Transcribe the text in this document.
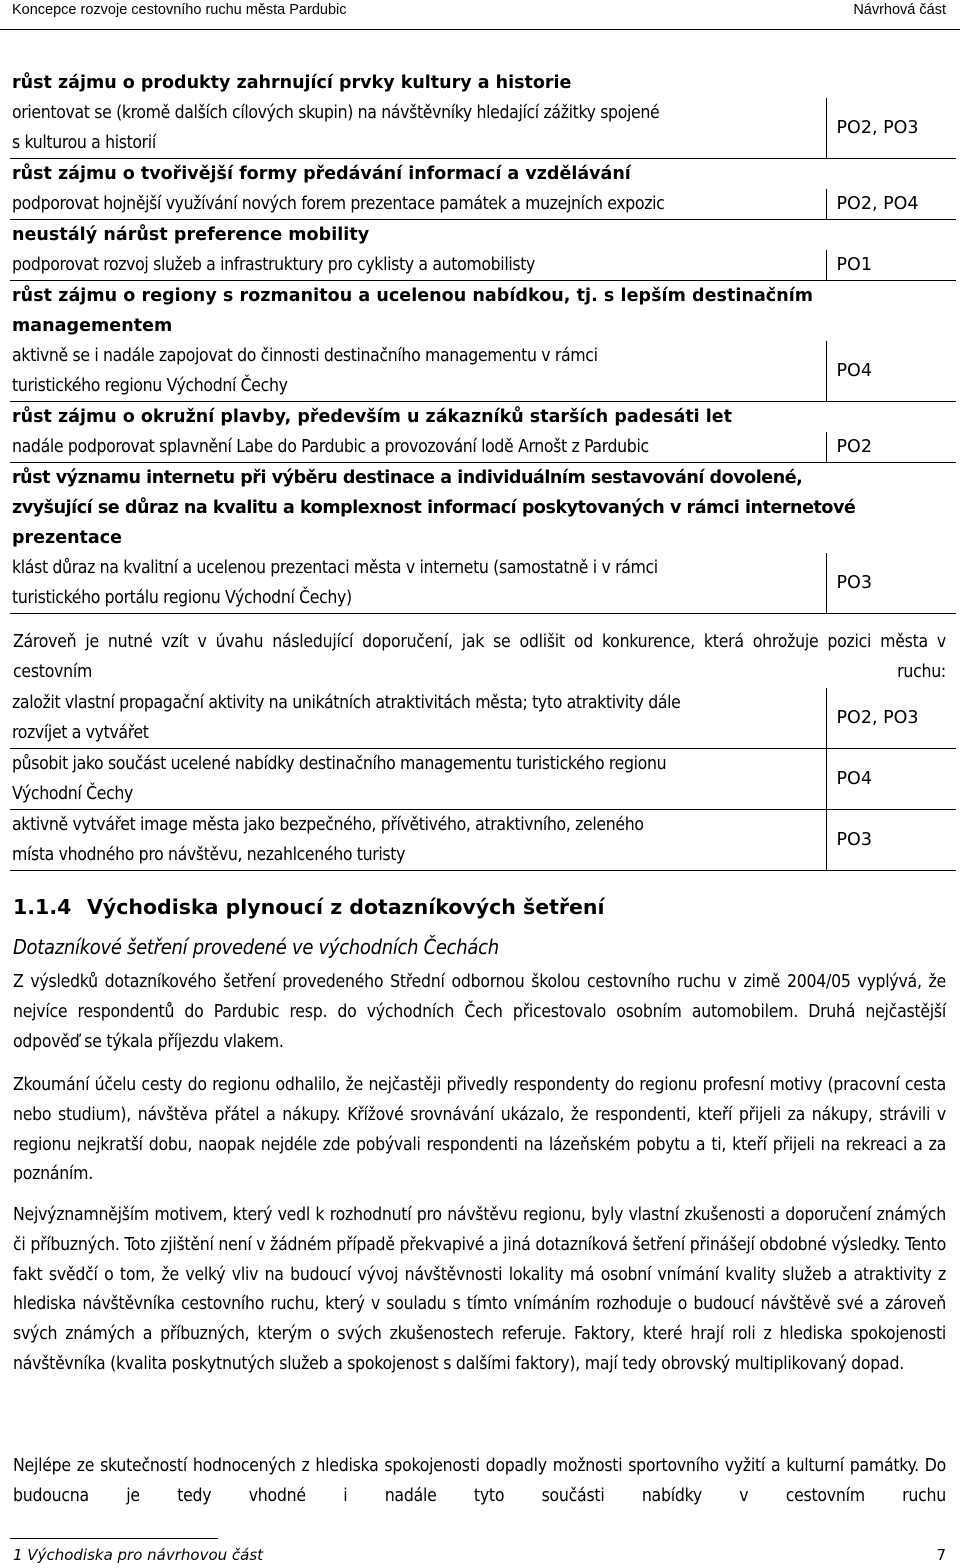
Koncepce rozvoje cestovního ruchu města Pardubic	Návrhová část
růst zájmu o produkty zahrnující prvky kultury a historie	
orientovat se (kromě dalších cílových skupin) na návštěvníky hledající zážitky spojené	PO2, PO3
s kulturou a historií	
růst zájmu o tvořivější formy předávání informací a vzdělávání	
podporovat hojnější využívání nových forem prezentace památek a muzejních expozic	PO2, PO4
neustálý nárůst preference mobility	
podporovat rozvoj služeb a infrastruktury pro cyklisty a automobilisty	PO1
růst zájmu o regiony s rozmanitou a ucelenou nabídkou, tj. s lepším destinačním	
managementem	
aktivně se i nadále zapojovat do činnosti destinačního managementu v rámci	PO4
turistického regionu Východní Čechy	
růst zájmu o okružní plavby, především u zákazníků starších padesáti let	
nadále podporovat splavnění Labe do Pardubic a provozování lodě Arnošt z Pardubic	PO2
růst významu internetu při výběru destinace a individuálním sestavování dovolené,	
zvyšující se důraz na kvalitu a komplexnost informací poskytovaných v rámci internetové	
prezentace	
klást důraz na kvalitní a ucelenou prezentaci města v internetu (samostatně i v rámci	PO3
turistického portálu regionu Východní Čechy)	
Zároveň je nutné vzít v úvahu následující doporučení, jak se odlišit od konkurence, která ohrožuje pozici města v cestovním ruchu:
založit vlastní propagační aktivity na unikátních atraktivitách města; tyto atraktivity dále	PO2, PO3
rozvíjet a vytvářet	
působit jako součást ucelené nabídky destinačního managementu turistického regionu	PO4
Východní Čechy	
aktivně vytvářet image města jako bezpečného, přívětivého, atraktivního, zeleného	PO3
místa vhodného pro návštěvu, nezahlceného turisty	
1.1.4 Východiska plynoucí z dotazníkových šetření
Dotazníkové šetření provedené ve východních Čechách
Z výsledků dotazníkového šetření provedeného Střední odbornou školou cestovního ruchu v zimě 2004/05 vyplývá, že nejvíce respondentů do Pardubic resp. do východních Čech přicestovalo osobním automobilem. Druhá nejčastější odpověď se týkala příjezdu vlakem.
Zkoumání účelu cesty do regionu odhalilo, že nejčastěji přivedly respondenty do regionu profesní motivy (pracovní cesta nebo studium), návštěva přátel a nákupy. Křížové srovnávání ukázalo, že respondenti, kteří přijeli za nákupy, strávili v regionu nejkratší dobu, naopak nejdéle zde pobývali respondenti na lázeňském pobytu a ti, kteří přijeli na rekreaci a za poznáním.
Nejvýznamnějším motivem, který vedl k rozhodnutí pro návštěvu regionu, byly vlastní zkušenosti a doporučení známých či příbuzných. Toto zjištění není v žádném případě překvapivé a jiná dotazníková šetření přinášejí obdobné výsledky. Tento fakt svědčí o tom, že velký vliv na budoucí vývoj návštěvnosti lokality má osobní vnímání kvality služeb a atraktivity z hlediska návštěvníka cestovního ruchu, který v souladu s tímto vnímáním rozhoduje o budoucí návštěvě své a zároveň svých známých a příbuzných, kterým o svých zkušenostech referuje. Faktory, které hrají roli z hlediska spokojenosti návštěvníka (kvalita poskytnutých služeb a spokojenost s dalšími faktory), mají tedy obrovský multiplikovaný dopad.
Nejlépe ze skutečností hodnocených z hlediska spokojenosti dopadly možnosti sportovního vyžití a kulturní památky. Do budoucna je tedy vhodné i nadále tyto součásti nabídky v cestovním ruchu
1 Východiska pro návrhovou část	7
